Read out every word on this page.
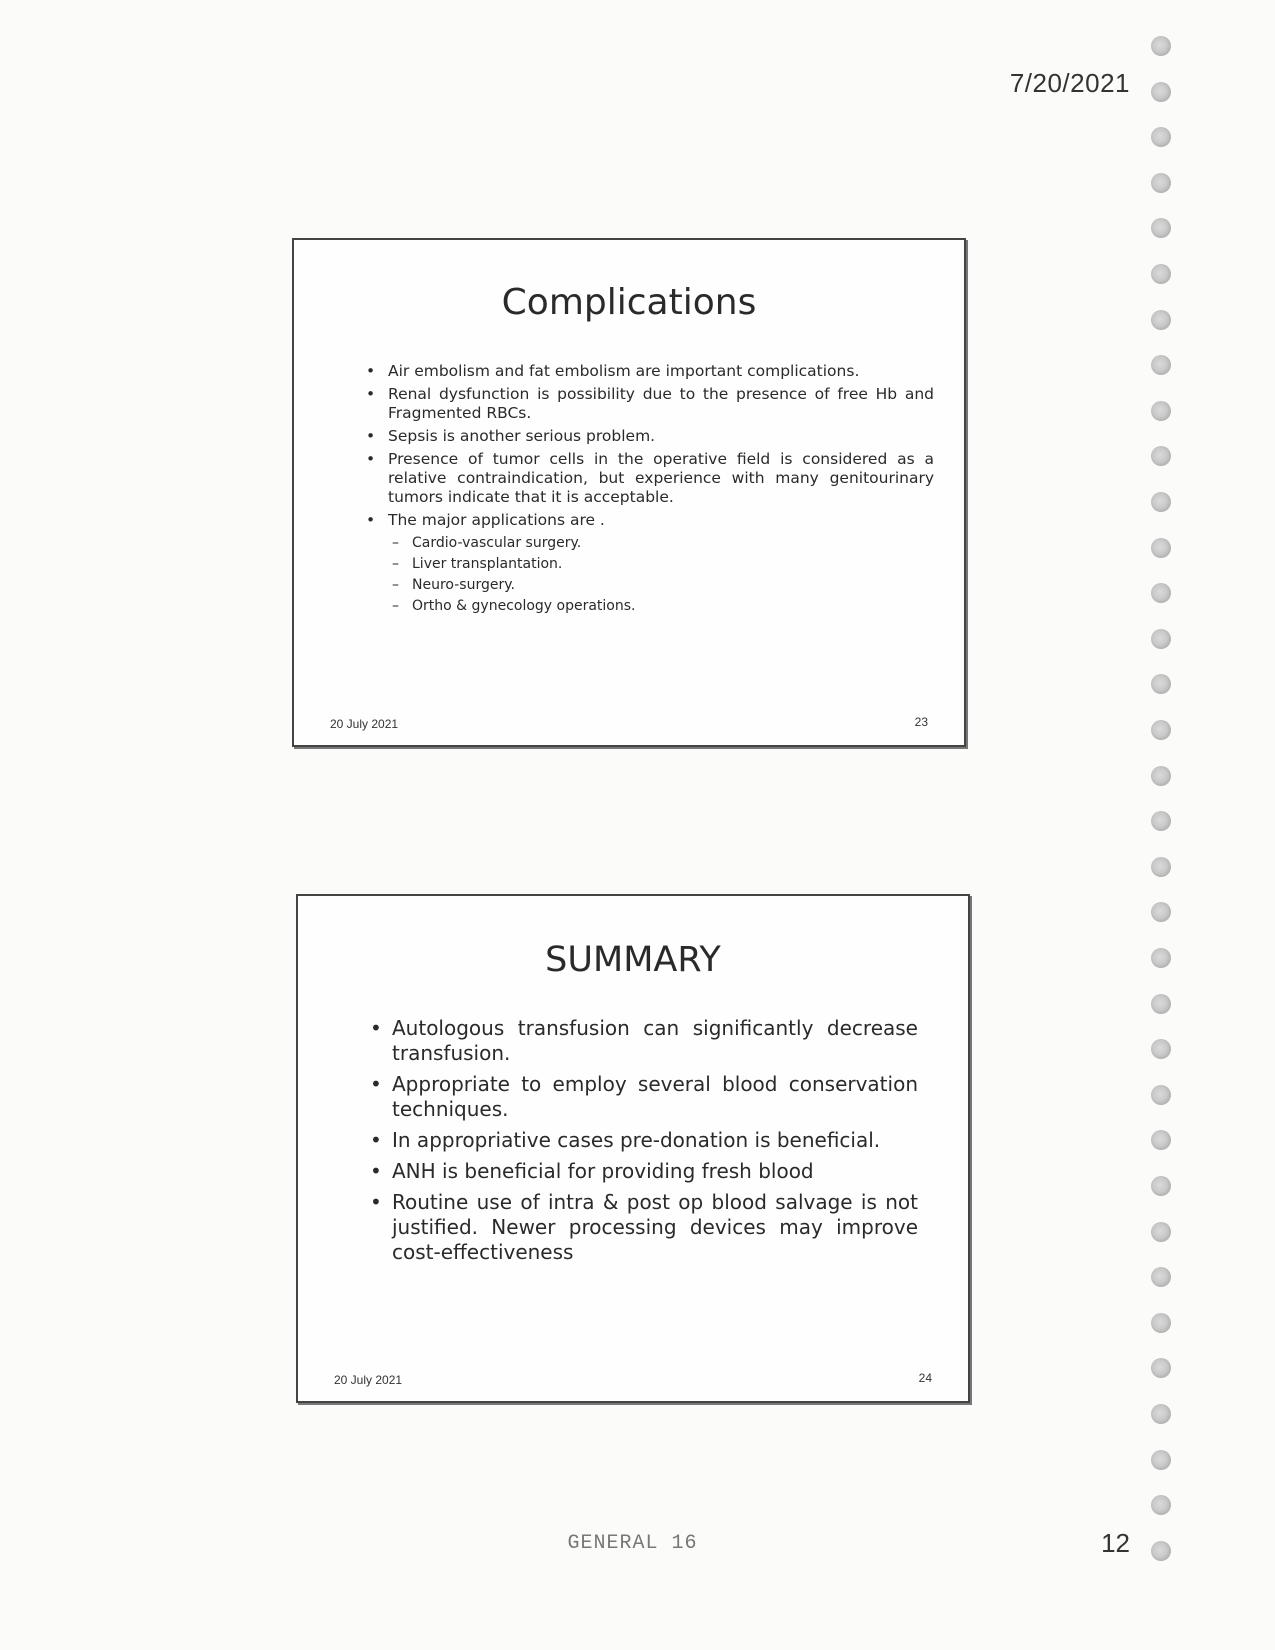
7/20/2021
Complications
• Air embolism and fat embolism are important complications.
• Renal dysfunction is possibility due to the presence of free Hb and Fragmented RBCs.
• Sepsis is another serious problem.
• Presence of tumor cells in the operative field is considered as a relative contraindication, but experience with many genitourinary tumors indicate that it is acceptable.
• The major applications are .
– Cardio-vascular surgery.
– Liver transplantation.
– Neuro-surgery.
– Ortho & gynecology operations.
20 July 2021	23
SUMMARY
• Autologous transfusion can significantly decrease transfusion.
• Appropriate to employ several blood conservation techniques.
• In appropriative cases pre-donation is beneficial.
• ANH is beneficial for providing fresh blood
• Routine use of intra & post op blood salvage is not justified. Newer processing devices may improve cost-effectiveness
20 July 2021	24
GENERAL 16	12
